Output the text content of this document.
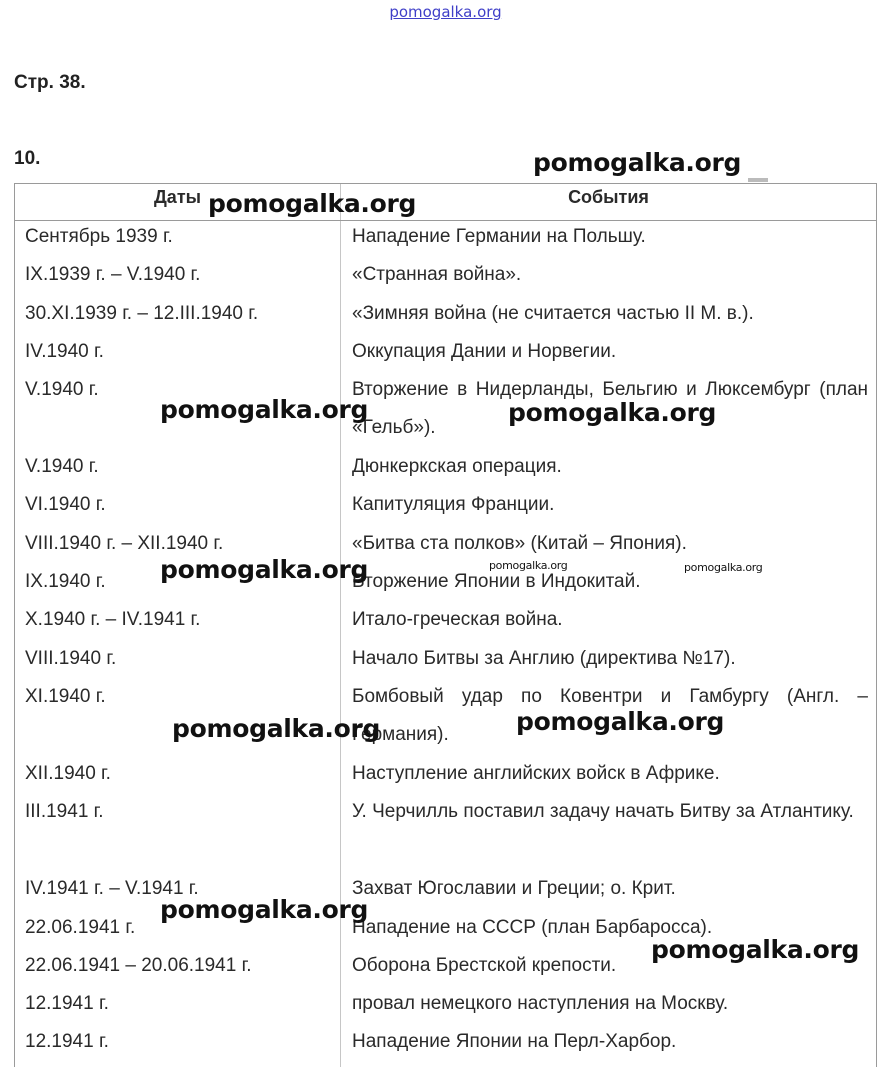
pomogalka.org
Стр. 38.
10.
Даты	События
Сентябрь 1939 г.	Нападение Германии на Польшу.
IX.1939 г. – V.1940 г.	«Странная война».
30.XI.1939 г. – 12.III.1940 г.	«Зимняя война (не считается частью II М. в.).
IV.1940 г.	Оккупация Дании и Норвегии.
V.1940 г.	Вторжение в Нидерланды, Бельгию и Люксембург (план «Гельб»).
V.1940 г.	Дюнкеркская операция.
VI.1940 г.	Капитуляция Франции.
VIII.1940 г. – XII.1940 г.	«Битва ста полков» (Китай – Япония).
IX.1940 г.	Вторжение Японии в Индокитай.
X.1940 г. – IV.1941 г.	Итало-греческая война.
VIII.1940 г.	Начало Битвы за Англию (директива №17).
XI.1940 г.	Бомбовый удар по Ковентри и Гамбургу (Англ. – Германия).
XII.1940 г.	Наступление английских войск в Африке.
III.1941 г.	У. Черчилль поставил задачу начать Битву за Атлантику.
IV.1941 г. – V.1941 г.	Захват Югославии и Греции; о. Крит.
22.06.1941 г.	Нападение на СССР (план Барбаросса).
22.06.1941 – 20.06.1941 г.	Оборона Брестской крепости.
12.1941 г.	провал немецкого наступления на Москву.
12.1941 г.	Нападение Японии на Перл-Харбор.
pomogalka.org
pomogalka.org
pomogalka.org	pomogalka.org
pomogalka.org	pomogalka.org	pomogalka.org
pomogalka.org	pomogalka.org
pomogalka.org
pomogalka.org
